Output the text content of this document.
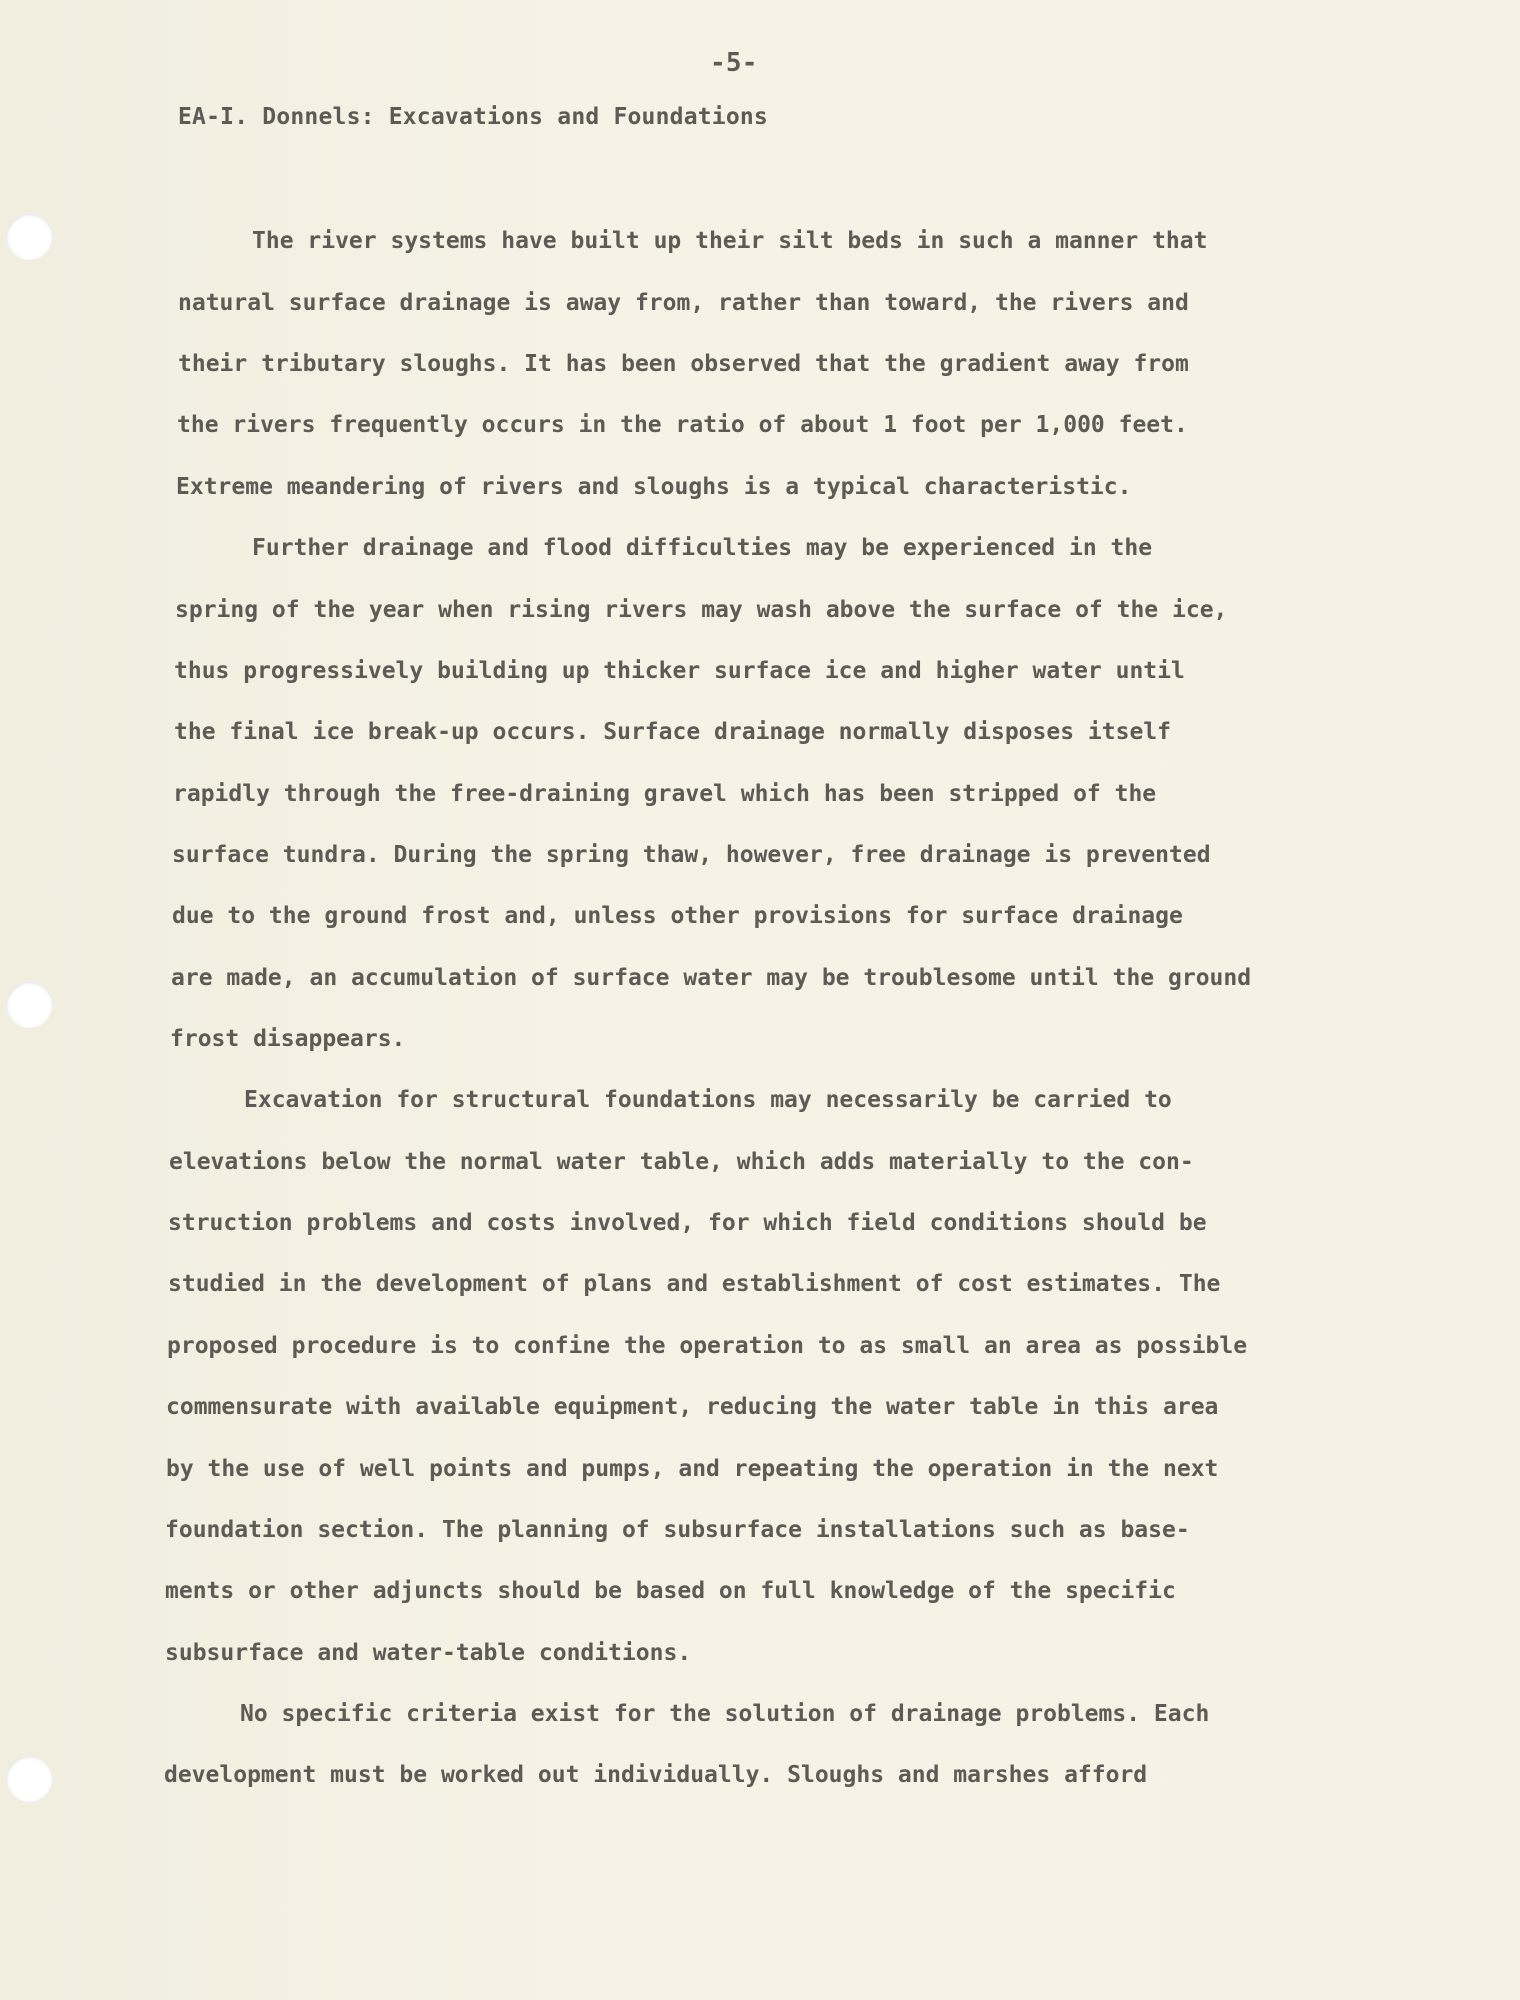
-5-
EA-I. Donnels: Excavations and Foundations
The river systems have built up their silt beds in such a manner that
natural surface drainage is away from, rather than toward, the rivers and
their tributary sloughs. It has been observed that the gradient away from
the rivers frequently occurs in the ratio of about 1 foot per 1,000 feet.
Extreme meandering of rivers and sloughs is a typical characteristic.
Further drainage and flood difficulties may be experienced in the
spring of the year when rising rivers may wash above the surface of the ice,
thus progressively building up thicker surface ice and higher water until
the final ice break-up occurs. Surface drainage normally disposes itself
rapidly through the free-draining gravel which has been stripped of the
surface tundra. During the spring thaw, however, free drainage is prevented
due to the ground frost and, unless other provisions for surface drainage
are made, an accumulation of surface water may be troublesome until the ground
frost disappears.
Excavation for structural foundations may necessarily be carried to
elevations below the normal water table, which adds materially to the con-
struction problems and costs involved, for which field conditions should be
studied in the development of plans and establishment of cost estimates. The
proposed procedure is to confine the operation to as small an area as possible
commensurate with available equipment, reducing the water table in this area
by the use of well points and pumps, and repeating the operation in the next
foundation section. The planning of subsurface installations such as base-
ments or other adjuncts should be based on full knowledge of the specific
subsurface and water-table conditions.
No specific criteria exist for the solution of drainage problems. Each
development must be worked out individually. Sloughs and marshes afford
